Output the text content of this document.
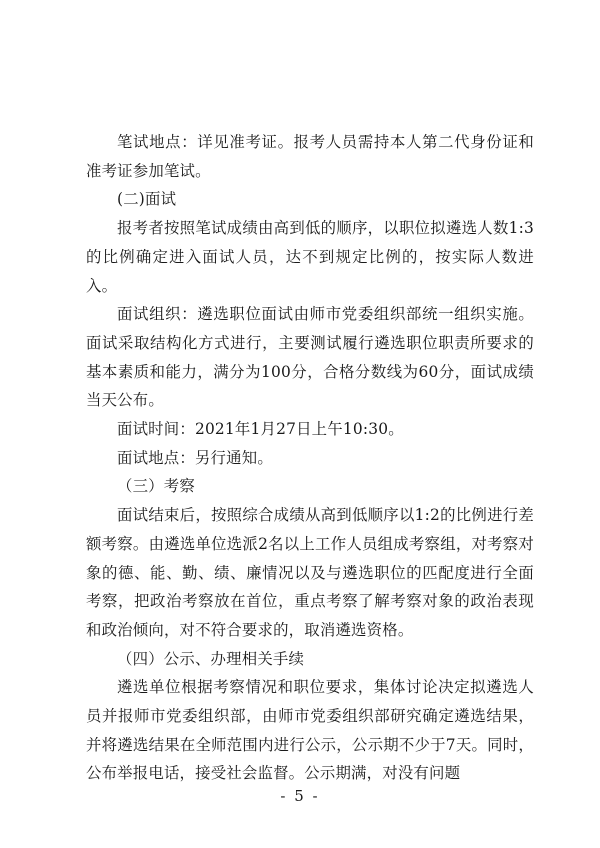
笔试地点：详见准考证。报考人员需持本人第二代身份证和准考证参加笔试。

(二)面试

报考者按照笔试成绩由高到低的顺序，以职位拟遴选人数1:3的比例确定进入面试人员，达不到规定比例的，按实际人数进入。

面试组织：遴选职位面试由师市党委组织部统一组织实施。面试采取结构化方式进行，主要测试履行遴选职位职责所要求的基本素质和能力，满分为100分，合格分数线为60分，面试成绩当天公布。

面试时间：2021年1月27日上午10:30。

面试地点：另行通知。

（三）考察

面试结束后，按照综合成绩从高到低顺序以1:2的比例进行差额考察。由遴选单位选派2名以上工作人员组成考察组，对考察对象的德、能、勤、绩、廉情况以及与遴选职位的匹配度进行全面考察，把政治考察放在首位，重点考察了解考察对象的政治表现和政治倾向，对不符合要求的，取消遴选资格。

（四）公示、办理相关手续

遴选单位根据考察情况和职位要求，集体讨论决定拟遴选人员并报师市党委组织部，由师市党委组织部研究确定遴选结果，并将遴选结果在全师范围内进行公示，公示期不少于7天。同时，公布举报电话，接受社会监督。公示期满，对没有问题

- 5 -
